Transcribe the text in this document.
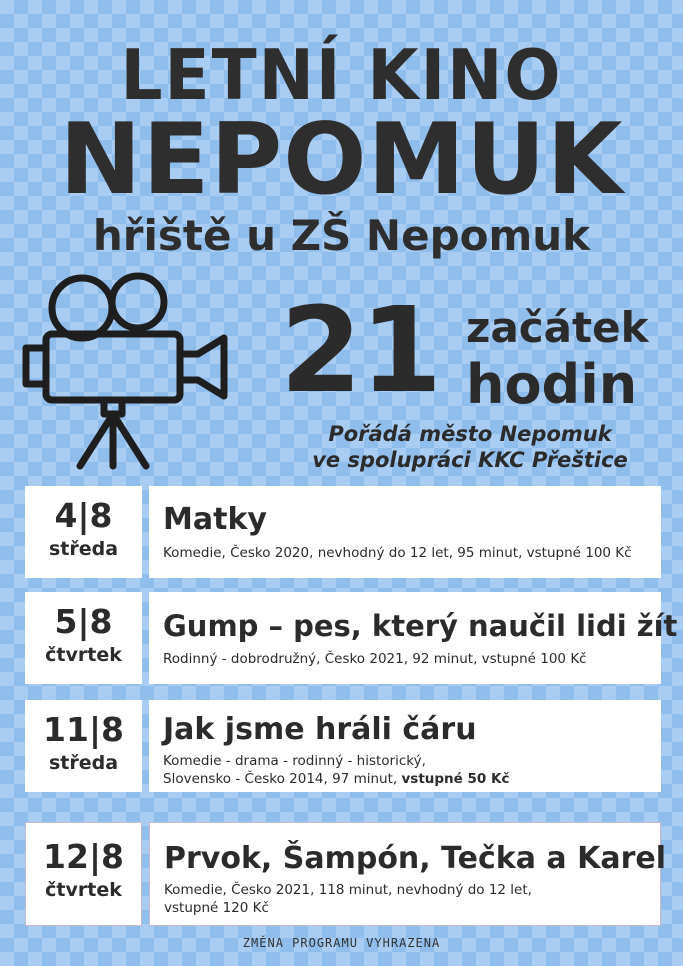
LETNÍ KINO
NEPOMUK
hřiště u ZŠ Nepomuk
21 začátek
hodin
Pořádá město Nepomuk
ve spolupráci KKC Přeštice
4|8
středa
Matky
Komedie, Česko 2020, nevhodný do 12 let, 95 minut, vstupné 100 Kč
5|8
čtvrtek
Gump – pes, který naučil lidi žít
Rodinný - dobrodružný, Česko 2021, 92 minut, vstupné 100 Kč
11|8
středa
Jak jsme hráli čáru
Komedie - drama - rodinný - historický,
Slovensko - Česko 2014, 97 minut, vstupné 50 Kč
12|8
čtvrtek
Prvok, Šampón, Tečka a Karel
Komedie, Česko 2021, 118 minut, nevhodný do 12 let,
vstupné 120 Kč
ZMĚNA PROGRAMU VYHRAZENA
